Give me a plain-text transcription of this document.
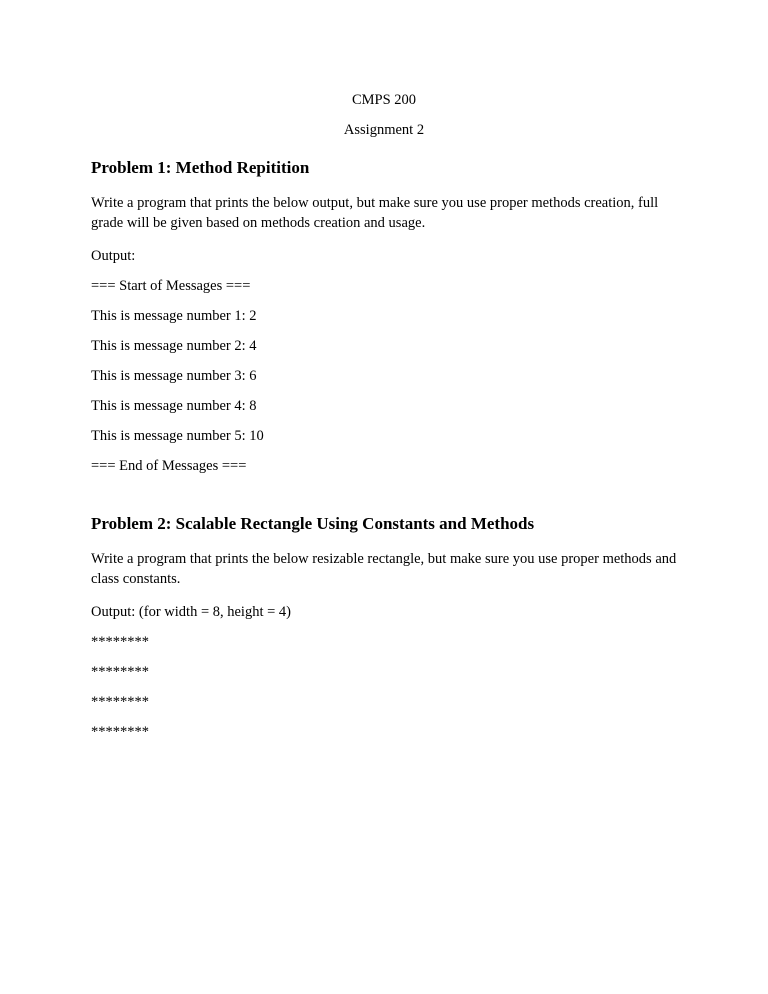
CMPS 200
Assignment 2
Problem 1: Method Repitition
Write a program that prints the below output, but make sure you use proper methods creation, full grade will be given based on methods creation and usage.
Output:
=== Start of Messages ===
This is message number 1: 2
This is message number 2: 4
This is message number 3: 6
This is message number 4: 8
This is message number 5: 10
=== End of Messages ===
Problem 2: Scalable Rectangle Using Constants and Methods
Write a program that prints the below resizable rectangle, but make sure you use proper methods and class constants.
Output: (for width = 8, height = 4)
********
********
********
********
